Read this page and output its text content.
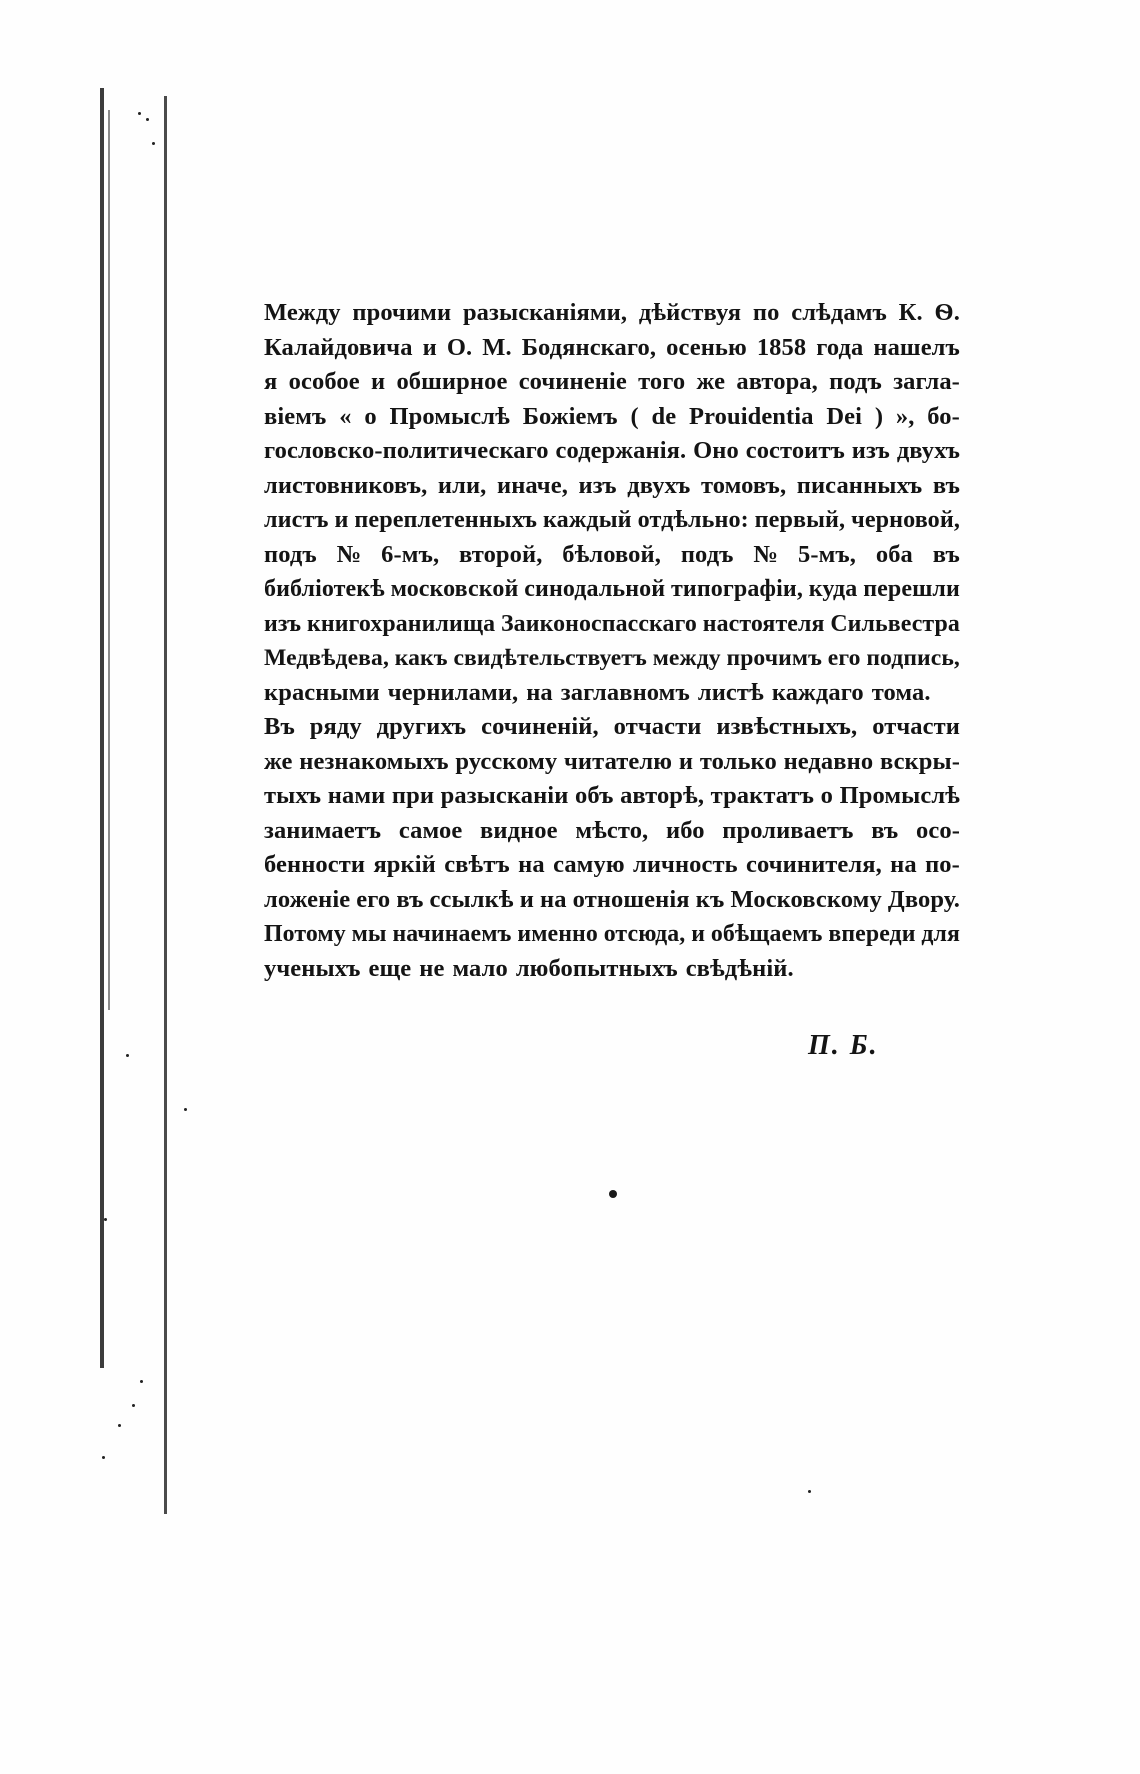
Между прочими разысканiями, дѣйствуя по слѣдамъ К. Ѳ.
Калайдовича и О. М. Бодянскаго, осенью 1858 года нашелъ
я особое и обширное сочиненiе того же автора, подъ загла-
вiемъ « о Промыслѣ Божiемъ ( de Prouidentia Dei ) », бо-
гословско-политическаго содержанiя. Оно состоитъ изъ двухъ
листовниковъ, или, иначе, изъ двухъ томовъ, писанныхъ въ
листъ и переплетенныхъ каждый отдѣльно: первый, черновой,
подъ № 6-мъ, второй, бѣловой, подъ № 5-мъ, оба въ
библiотекѣ московской синодальной типографiи, куда перешли
изъ книгохранилища Заиконоспасскаго настоятеля Сильвестра
Медвѣдева, какъ свидѣтельствуетъ между прочимъ его подпись,
красными чернилами, на заглавномъ листѣ каждаго тома.
Въ ряду другихъ сочиненiй, отчасти извѣстныхъ, отчасти
же незнакомыхъ русскому читателю и только недавно вскры-
тыхъ нами при разысканiи объ авторѣ, трактатъ о Промыслѣ
занимаетъ самое видное мѣсто, ибо проливаетъ въ осо-
бенности яркiй свѣтъ на самую личность сочинителя, на по-
ложенiе его въ ссылкѣ и на отношенiя къ Московскому Двору.
Потому мы начинаемъ именно отсюда, и обѣщаемъ впереди для
ученыхъ еще не мало любопытныхъ свѣдѣнiй.
П. Б.
